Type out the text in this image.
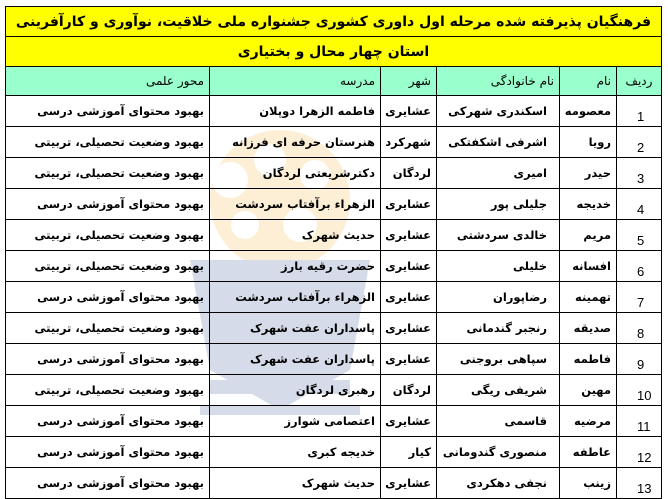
فرهنگیان پذیرفته شده مرحله اول داوری کشوری جشنواره ملی خلاقیت، نوآوری و کارآفرینی					
استان چهار محال و بختیاری					
ردیف	نام	نام خانوادگی	شهر	مدرسه	محور علمی
1	معصومه	اسکندری شهرکی	عشایری	فاطمه الزهرا دوپلان	بهبود محتوای آموزشی درسی
2	رویا	اشرفی اشکفتکی	شهرکرد	هنرستان حرفه ای فرزانه	بهبود وضعیت تحصیلی، تربیتی
3	حیدر	امیری	لردگان	دکترشریعتی لردگان	بهبود وضعیت تحصیلی، تربیتی
4	خدیجه	جلیلی پور	عشایری	الزهراء برآفتاب سردشت	بهبود محتوای آموزشی درسی
5	مریم	خالدی سردشتی	عشایری	حدیث شهرک	بهبود وضعیت تحصیلی، تربیتی
6	افسانه	خلیلی	عشایری	حضرت رقیه بارز	بهبود وضعیت تحصیلی، تربیتی
7	تهمینه	رضاپوران	عشایری	الزهراء برآفتاب سردشت	بهبود محتوای آموزشی درسی
8	صدیقه	رنجبر گندمانی	عشایری	پاسداران عفت شهرک	بهبود وضعیت تحصیلی، تربیتی
9	فاطمه	سپاهی بروجنی	عشایری	پاسداران عفت شهرک	بهبود محتوای آموزشی درسی
10	مهین	شریفی ریگی	لردگان	رهبری لردگان	بهبود وضعیت تحصیلی، تربیتی
11	مرضیه	قاسمی	عشایری	اعتصامی شوارز	بهبود محتوای آموزشی درسی
12	عاطفه	منصوری گندومانی	کیار	خدیجه کبری	بهبود محتوای آموزشی درسی
13	زینب	نجفی دهکردی	عشایری	حدیث شهرک	بهبود محتوای آموزشی درسی
